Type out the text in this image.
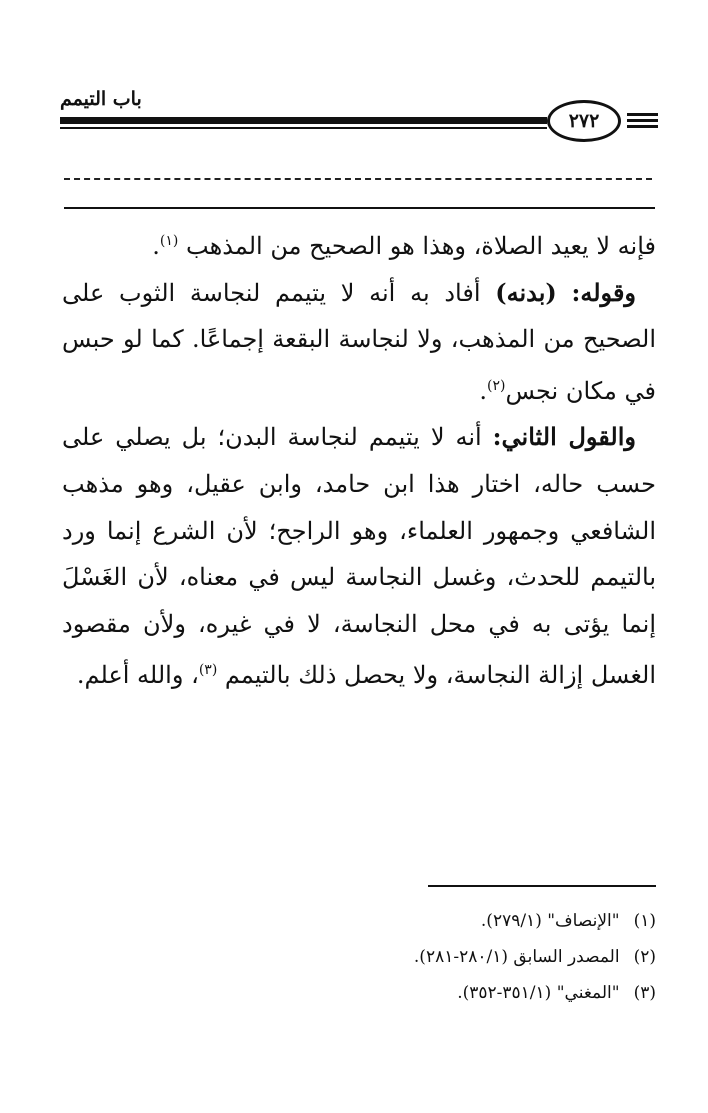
باب التيمم
٢٧٢

فإنه لا يعيد الصلاة، وهذا هو الصحيح من المذهب $^{(١)}$.

وقوله: (بدنه) أفاد به أنه لا يتيمم لنجاسة الثوب على الصحيح من المذهب، ولا لنجاسة البقعة إجماعًا. كما لو حبس في مكان نجس$^{(٢)}$.

والقول الثاني: أنه لا يتيمم لنجاسة البدن؛ بل يصلي على حسب حاله، اختار هذا ابن حامد، وابن عقيل، وهو مذهب الشافعي وجمهور العلماء، وهو الراجح؛ لأن الشرع إنما ورد بالتيمم للحدث، وغسل النجاسة ليس في معناه، لأن الغَسْلَ إنما يؤتى به في محل النجاسة، لا في غيره، ولأن مقصود الغسل إزالة النجاسة، ولا يحصل ذلك بالتيمم $^{(٣)}$، والله أعلم.

(١)"الإنصاف" (٢٧٩/١).
(٢)المصدر السابق (٢٨٠/١-٢٨١).
(٣)"المغني" (٣٥١/١-٣٥٢).
